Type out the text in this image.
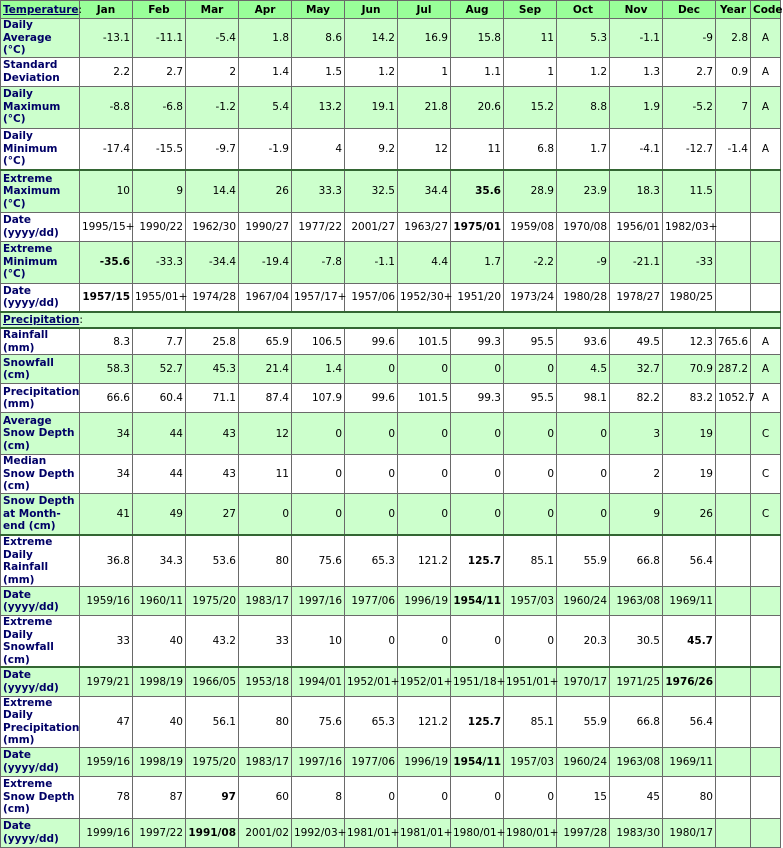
Temperature:	Jan	Feb	Mar	Apr	May	Jun	Jul	Aug	Sep	Oct	Nov	Dec	Year	Code
Daily Average (°C)	-13.1	-11.1	-5.4	1.8	8.6	14.2	16.9	15.8	11	5.3	-1.1	-9	2.8	A
Standard Deviation	2.2	2.7	2	1.4	1.5	1.2	1	1.1	1	1.2	1.3	2.7	0.9	A
Daily Maximum (°C)	-8.8	-6.8	-1.2	5.4	13.2	19.1	21.8	20.6	15.2	8.8	1.9	-5.2	7	A
Daily Minimum (°C)	-17.4	-15.5	-9.7	-1.9	4	9.2	12	11	6.8	1.7	-4.1	-12.7	-1.4	A
Extreme Maximum (°C)	10	9	14.4	26	33.3	32.5	34.4	35.6	28.9	23.9	18.3	11.5		
Date (yyyy/dd)	1995/15+	1990/22	1962/30	1990/27	1977/22	2001/27	1963/27	1975/01	1959/08	1970/08	1956/01	1982/03+		
Extreme Minimum (°C)	-35.6	-33.3	-34.4	-19.4	-7.8	-1.1	4.4	1.7	-2.2	-9	-21.1	-33		
Date (yyyy/dd)	1957/15	1955/01+	1974/28	1967/04	1957/17+	1957/06	1952/30+	1951/20	1973/24	1980/28	1978/27	1980/25		
Precipitation:														
Rainfall (mm)	8.3	7.7	25.8	65.9	106.5	99.6	101.5	99.3	95.5	93.6	49.5	12.3	765.6	A
Snowfall (cm)	58.3	52.7	45.3	21.4	1.4	0	0	0	0	4.5	32.7	70.9	287.2	A
Precipitation (mm)	66.6	60.4	71.1	87.4	107.9	99.6	101.5	99.3	95.5	98.1	82.2	83.2	1052.7	A
Average Snow Depth (cm)	34	44	43	12	0	0	0	0	0	0	3	19		C
Median Snow Depth (cm)	34	44	43	11	0	0	0	0	0	0	2	19		C
Snow Depth at Month-end (cm)	41	49	27	0	0	0	0	0	0	0	9	26		C
Extreme Daily Rainfall (mm)	36.8	34.3	53.6	80	75.6	65.3	121.2	125.7	85.1	55.9	66.8	56.4		
Date (yyyy/dd)	1959/16	1960/11	1975/20	1983/17	1997/16	1977/06	1996/19	1954/11	1957/03	1960/24	1963/08	1969/11		
Extreme Daily Snowfall (cm)	33	40	43.2	33	10	0	0	0	0	20.3	30.5	45.7		
Date (yyyy/dd)	1979/21	1998/19	1966/05	1953/18	1994/01	1952/01+	1952/01+	1951/18+	1951/01+	1970/17	1971/25	1976/26		
Extreme Daily Precipitation (mm)	47	40	56.1	80	75.6	65.3	121.2	125.7	85.1	55.9	66.8	56.4		
Date (yyyy/dd)	1959/16	1998/19	1975/20	1983/17	1997/16	1977/06	1996/19	1954/11	1957/03	1960/24	1963/08	1969/11		
Extreme Snow Depth (cm)	78	87	97	60	8	0	0	0	0	15	45	80		
Date (yyyy/dd)	1999/16	1997/22	1991/08	2001/02	1992/03+	1981/01+	1981/01+	1980/01+	1980/01+	1997/28	1983/30	1980/17		
